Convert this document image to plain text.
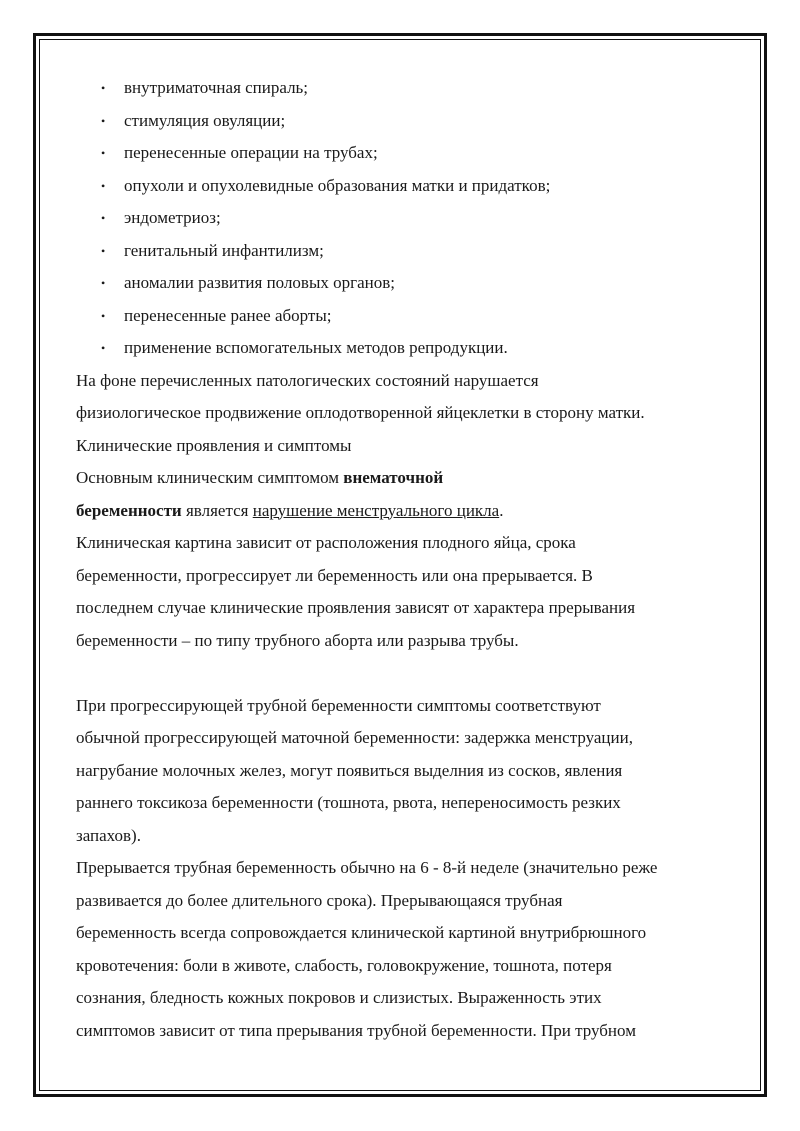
• внутриматочная спираль;
• стимуляция овуляции;
• перенесенные операции на трубах;
• опухоли и опухолевидные образования матки и придатков;
• эндометриоз;
• генитальный инфантилизм;
• аномалии развития половых органов;
• перенесенные ранее аборты;
• применение вспомогательных методов репродукции.

На фоне перечисленных патологических состояний нарушается
физиологическое продвижение оплодотворенной яйцеклетки в сторону матки.

Клинические проявления и симптомы

Основным клиническим симптомом внематочной
беременности является нарушение менструального цикла.

Клиническая картина зависит от расположения плодного яйца, срока
беременности, прогрессирует ли беременность или она прерывается. В
последнем случае клинические проявления зависят от характера прерывания
беременности – по типу трубного аборта или разрыва трубы.

При прогрессирующей трубной беременности симптомы соответствуют
обычной прогрессирующей маточной беременности: задержка менструации,
нагрубание молочных желез, могут появиться выделния из сосков, явления
раннего токсикоза беременности (тошнота, рвота, непереносимость резких
запахов).

Прерывается трубная беременность обычно на 6 - 8-й неделе (значительно реже
развивается до более длительного срока). Прерывающаяся трубная
беременность всегда сопровождается клинической картиной внутрибрюшного
кровотечения: боли в животе, слабость, головокружение, тошнота, потеря
сознания, бледность кожных покровов и слизистых. Выраженность этих
симптомов зависит от типа прерывания трубной беременности. При трубном
